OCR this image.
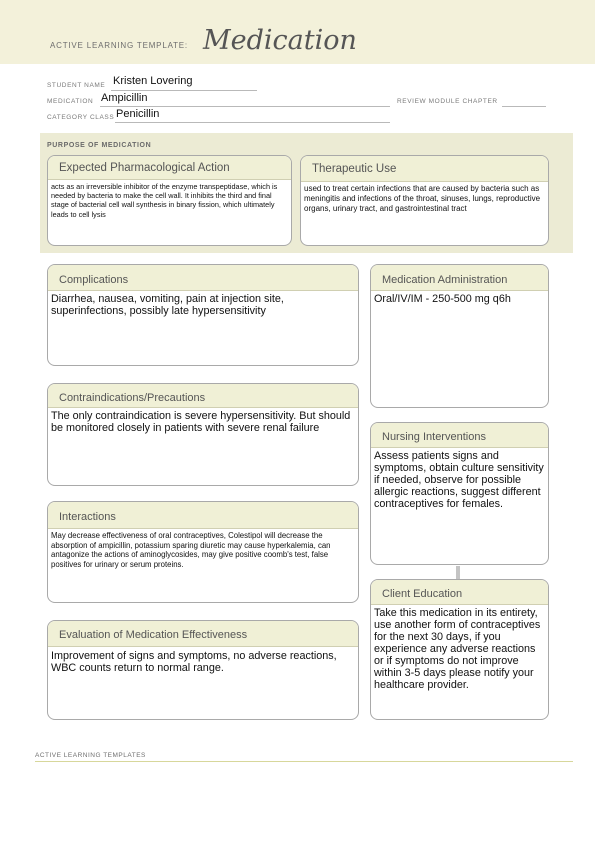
ACTIVE LEARNING TEMPLATE: Medication
STUDENT NAME Kristen Lovering
MEDICATION Ampicillin	REVIEW MODULE CHAPTER
CATEGORY CLASS Penicillin
PURPOSE OF MEDICATION
Expected Pharmacological Action
acts as an irreversible inhibitor of the enzyme transpeptidase, which is needed by bacteria to make the cell wall. It inhibits the third and final stage of bacterial cell wall synthesis in binary fission, which ultimately leads to cell lysis
Therapeutic Use
used to treat certain infections that are caused by bacteria such as meningitis and infections of the throat, sinuses, lungs, reproductive organs, urinary tract, and gastrointestinal tract
Complications
Diarrhea, nausea, vomiting, pain at injection site, superinfections, possibly late hypersensitivity
Medication Administration
Oral/IV/IM - 250-500 mg q6h
Contraindications/Precautions
The only contraindication is severe hypersensitivity. But should be monitored closely in patients with severe renal failure
Nursing Interventions
Assess patients signs and symptoms, obtain culture sensitivity if needed, observe for possible allergic reactions, suggest different contraceptives for females.
Interactions
May decrease effectiveness of oral contraceptives, Colestipol will decrease the absorption of ampicillin, potassium sparing diuretic may cause hyperkalemia, can antagonize the actions of aminoglycosides, may give positive coomb's test, false positives for urinary or serum proteins.
Client Education
Take this medication in its entirety, use another form of contraceptives for the next 30 days, if you experience any adverse reactions or if symptoms do not improve within 3-5 days please notify your healthcare provider.
Evaluation of Medication Effectiveness
Improvement of signs and symptoms, no adverse reactions, WBC counts return to normal range.
ACTIVE LEARNING TEMPLATES
